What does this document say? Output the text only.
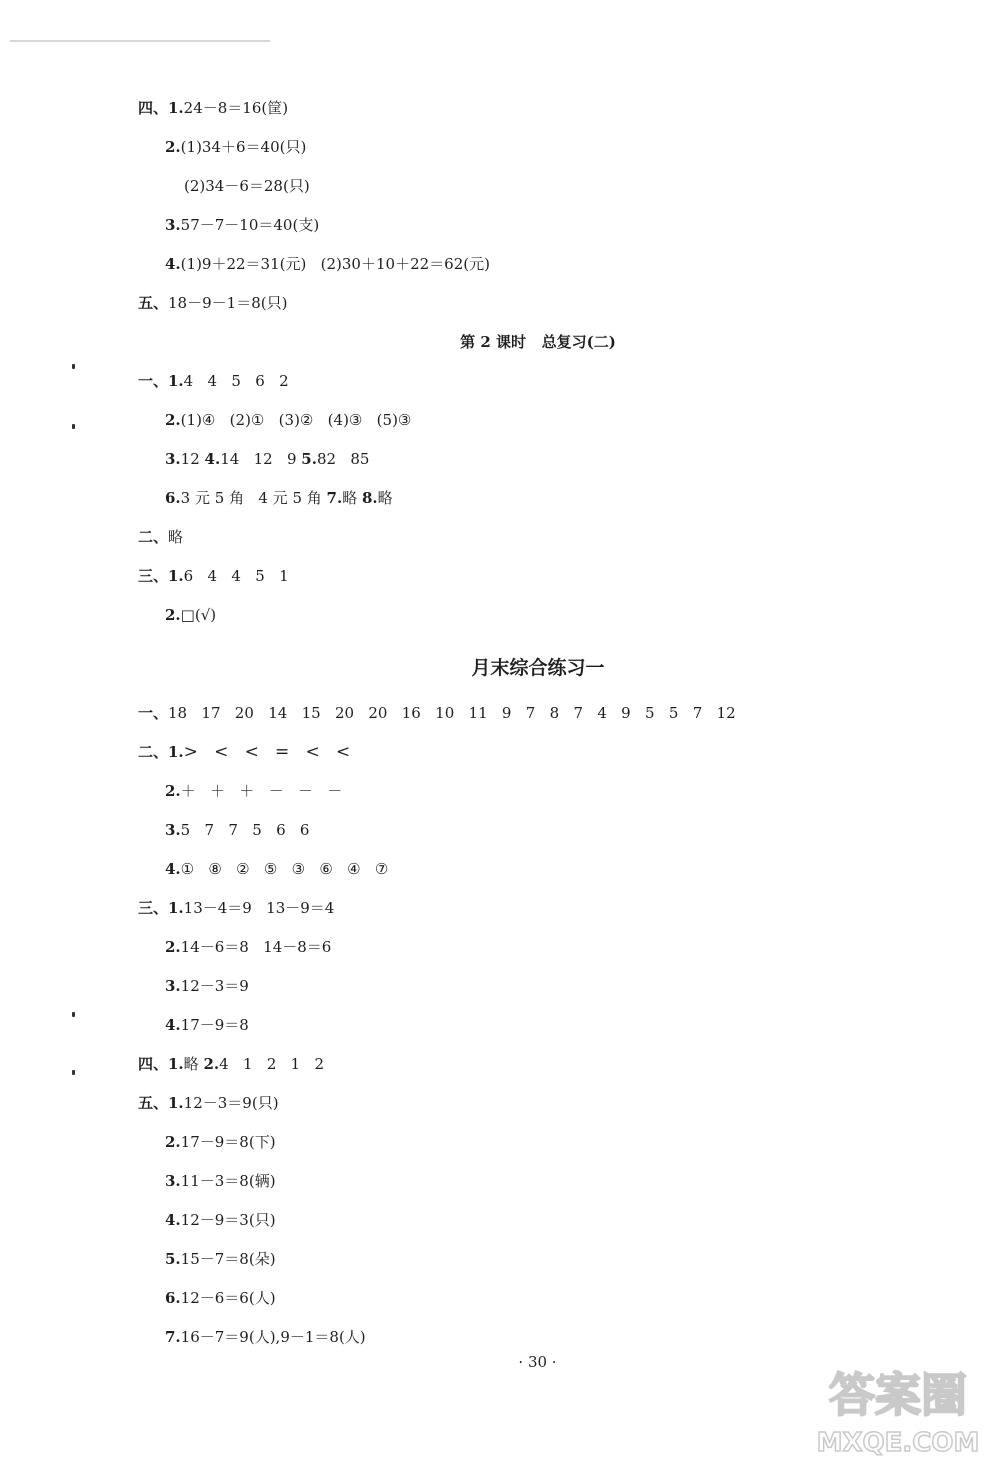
四、1.24－8＝16(筐)
2.(1)34＋6＝40(只)
(2)34－6＝28(只)
3.57－7－10＝40(支)
4.(1)9＋22＝31(元)   (2)30＋10＋22＝62(元)
五、18－9－1＝8(只)
第 2 课时   总复习(二)
一、1.4   4   5   6   2
2.(1)④   (2)①   (3)②   (4)③   (5)③
3.12 4.14   12   9 5.82   85
6.3 元 5 角   4 元 5 角 7.略 8.略
二、略
三、1.6   4   4   5   1
2.□(√)
月末综合练习一
一、18   17   20   14   15   20   20   16   10   11   9   7   8   7   4   9   5   5   7   12
二、1.>   <   <   =   <   <
2.＋   ＋   ＋   －   －   －
3.5   7   7   5   6   6
4.①   ⑧   ②   ⑤   ③   ⑥   ④   ⑦
三、1.13－4＝9   13－9＝4
2.14－6＝8   14－8＝6
3.12－3＝9
4.17－9＝8
四、1.略 2.4   1   2   1   2
五、1.12－3＝9(只)
2.17－9＝8(下)
3.11－3＝8(辆)
4.12－9＝3(只)
5.15－7＝8(朵)
6.12－6＝6(人)
7.16－7＝9(人),9－1＝8(人)
· 30 ·
答案圈
MXQE.COM
